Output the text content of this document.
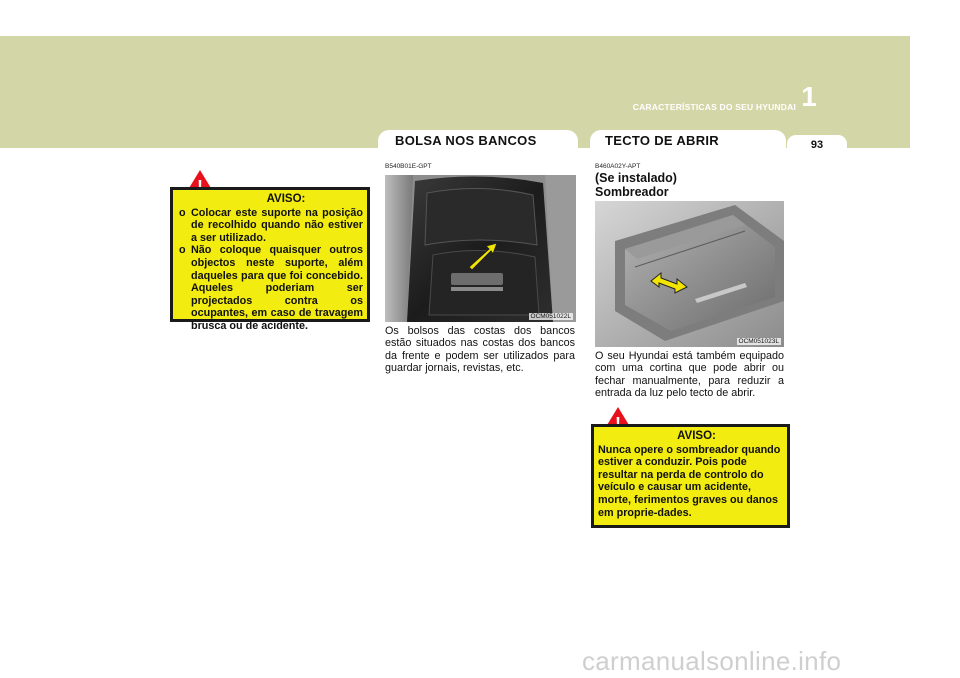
CARACTERÍSTICAS DO SEU HYUNDAI 1
BOLSA NOS BANCOS	TECTO DE ABRIR	93
AVISO:
o Colocar este suporte na posição de recolhido quando não estiver a ser utilizado.
o Não coloque quaisquer outros objectos neste suporte, além daqueles para que foi concebido. Aqueles poderiam ser projectados contra os ocupantes, em caso de travagem brusca ou de acidente.
B540B01E-GPT
OCM051022L
Os bolsos das costas dos bancos estão situados nas costas dos bancos da frente e podem ser utilizados para guardar jornais, revistas, etc.
B460A02Y-APT
(Se instalado)
Sombreador
OCM051023L
O seu Hyundai está também equipado com uma cortina que pode abrir ou fechar manualmente, para reduzir a entrada da luz pelo tecto de abrir.
AVISO:
Nunca opere o sombreador quando estiver a conduzir. Pois pode resultar na perda de controlo do veículo e causar um acidente, morte, ferimentos graves ou danos em proprie-dades.
carmanualsonline.info
